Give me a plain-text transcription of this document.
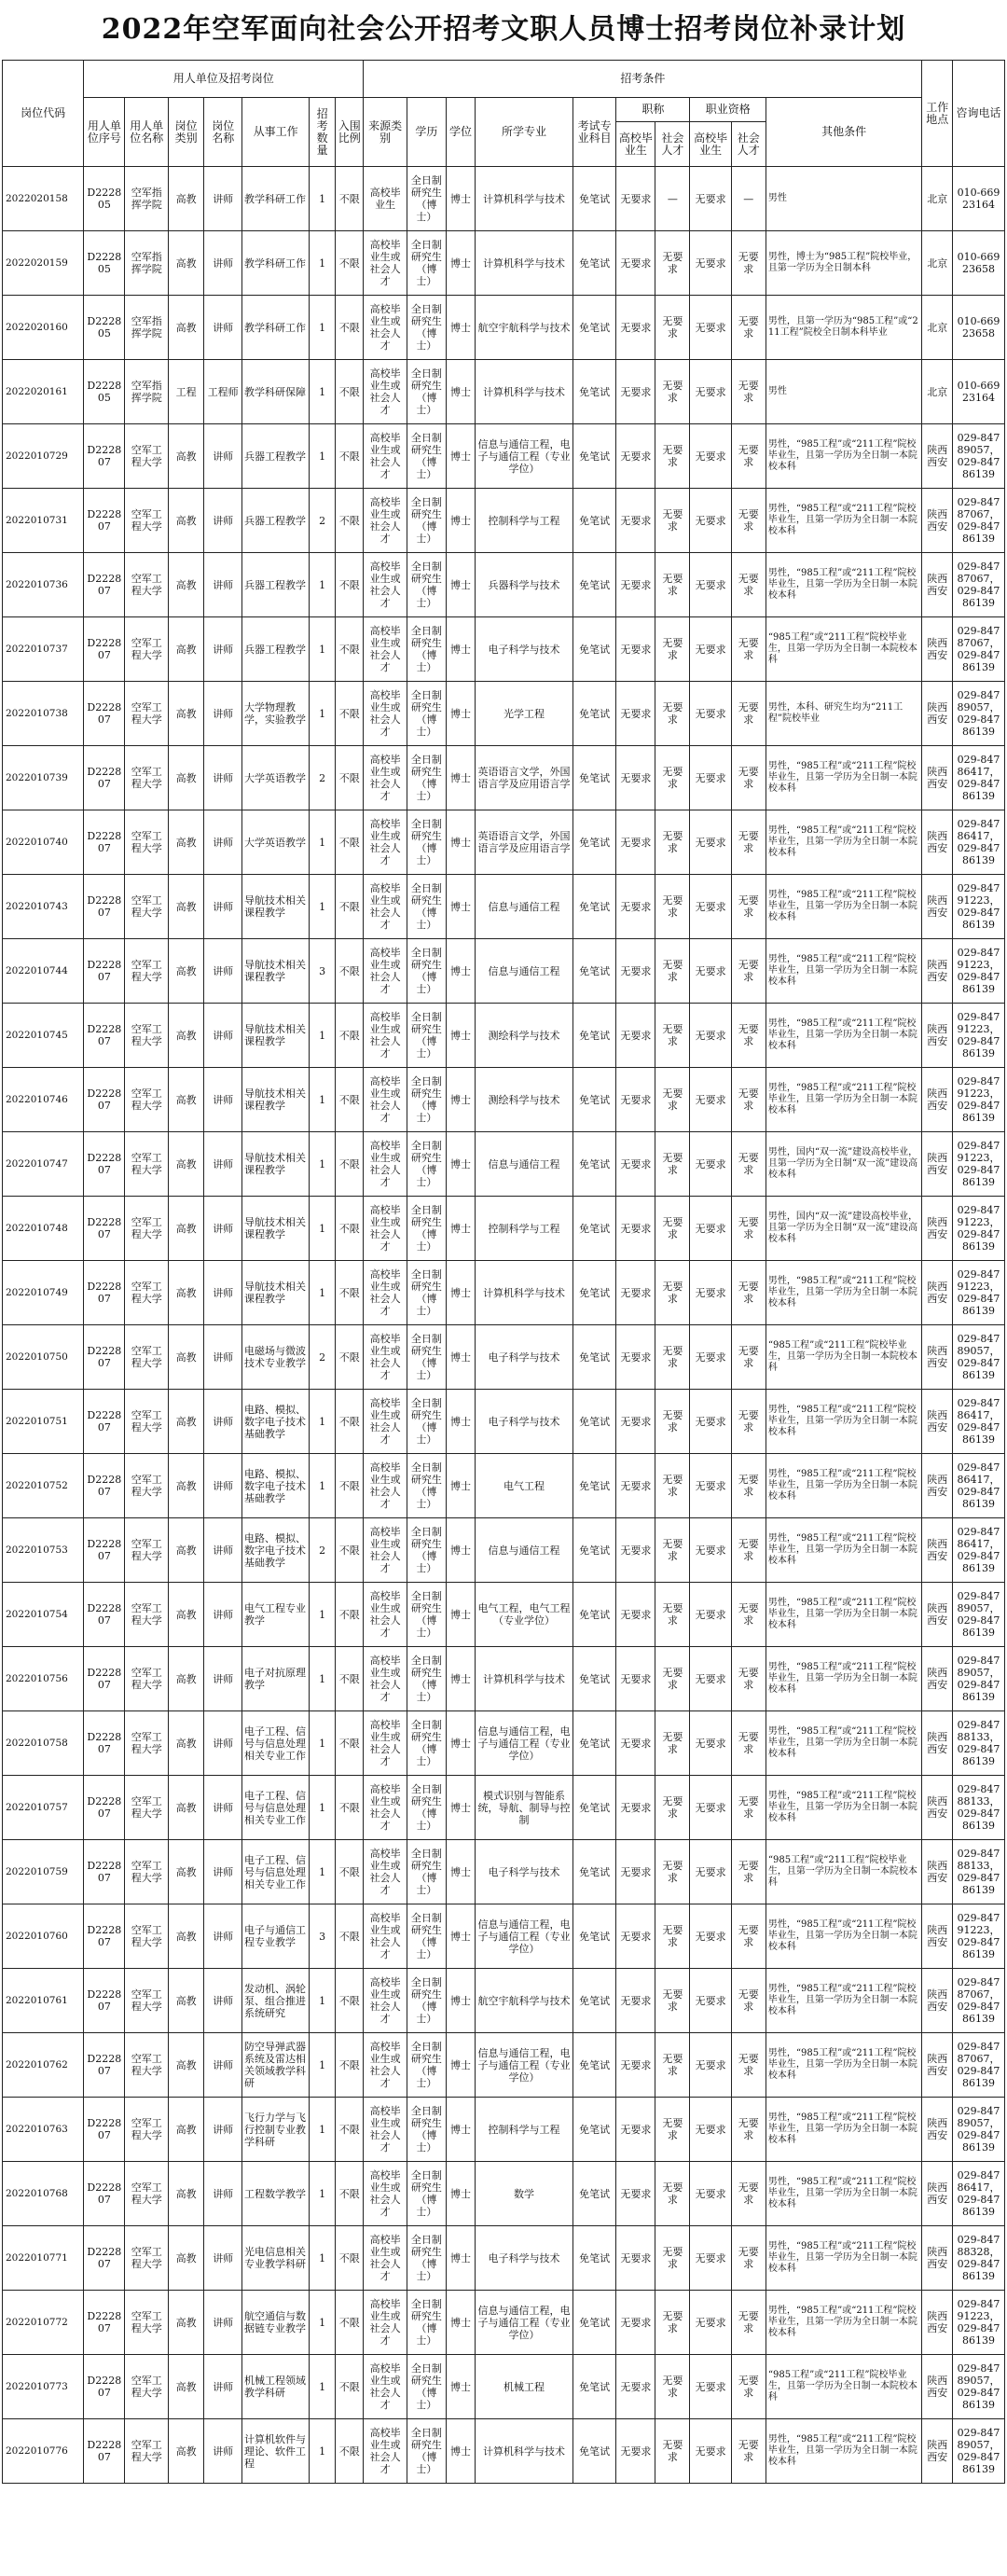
2022年空军面向社会公开招考文职人员博士招考岗位补录计划
岗位代码	用人单位及招考岗位							招考条件										工作地点	咨询电话
	用人单位序号	用人单位名称	岗位类别	岗位名称	从事工作	招考数量	入围比例	来源类别	学历	学位	所学专业	考试专业科目	职称		职业资格		其他条件		
													高校毕业生	社会人才	高校毕业生	社会人才			
2022020158	D222805	空军指挥学院	高教	讲师	教学科研工作	1	不限	高校毕业生	全日制研究生（博士）	博士	计算机科学与技术	免笔试	无要求	—	无要求	—	男性	北京	010-66923164
2022020159	D222805	空军指挥学院	高教	讲师	教学科研工作	1	不限	高校毕业生或社会人才	全日制研究生（博士）	博士	计算机科学与技术	免笔试	无要求	无要求	无要求	无要求	男性，博士为“985工程”院校毕业，且第一学历为全日制本科	北京	010-66923658
2022020160	D222805	空军指挥学院	高教	讲师	教学科研工作	1	不限	高校毕业生或社会人才	全日制研究生（博士）	博士	航空宇航科学与技术	免笔试	无要求	无要求	无要求	无要求	男性，且第一学历为“985工程”或“211工程”院校全日制本科毕业	北京	010-66923658
2022020161	D222805	空军指挥学院	工程	工程师	教学科研保障	1	不限	高校毕业生或社会人才	全日制研究生（博士）	博士	计算机科学与技术	免笔试	无要求	无要求	无要求	无要求	男性	北京	010-66923164
2022010729	D222807	空军工程大学	高教	讲师	兵器工程教学	1	不限	高校毕业生或社会人才	全日制研究生（博士）	博士	信息与通信工程，电子与通信工程（专业学位）	免笔试	无要求	无要求	无要求	无要求	男性，“985工程”或“211工程”院校毕业生，且第一学历为全日制一本院校本科	陕西西安	029-84789057，029-84786139
2022010731	D222807	空军工程大学	高教	讲师	兵器工程教学	2	不限	高校毕业生或社会人才	全日制研究生（博士）	博士	控制科学与工程	免笔试	无要求	无要求	无要求	无要求	男性，“985工程”或“211工程”院校毕业生，且第一学历为全日制一本院校本科	陕西西安	029-84787067，029-84786139
2022010736	D222807	空军工程大学	高教	讲师	兵器工程教学	1	不限	高校毕业生或社会人才	全日制研究生（博士）	博士	兵器科学与技术	免笔试	无要求	无要求	无要求	无要求	男性，“985工程”或“211工程”院校毕业生，且第一学历为全日制一本院校本科	陕西西安	029-84787067，029-84786139
2022010737	D222807	空军工程大学	高教	讲师	兵器工程教学	1	不限	高校毕业生或社会人才	全日制研究生（博士）	博士	电子科学与技术	免笔试	无要求	无要求	无要求	无要求	“985工程”或“211工程”院校毕业生，且第一学历为全日制一本院校本科	陕西西安	029-84787067，029-84786139
2022010738	D222807	空军工程大学	高教	讲师	大学物理教学，实验教学	1	不限	高校毕业生或社会人才	全日制研究生（博士）	博士	光学工程	免笔试	无要求	无要求	无要求	无要求	男性，本科、研究生均为“211工程”院校毕业	陕西西安	029-84789057，029-84786139
2022010739	D222807	空军工程大学	高教	讲师	大学英语教学	2	不限	高校毕业生或社会人才	全日制研究生（博士）	博士	英语语言文学，外国语言学及应用语言学	免笔试	无要求	无要求	无要求	无要求	男性，“985工程”或“211工程”院校毕业生，且第一学历为全日制一本院校本科	陕西西安	029-84786417，029-84786139
2022010740	D222807	空军工程大学	高教	讲师	大学英语教学	1	不限	高校毕业生或社会人才	全日制研究生（博士）	博士	英语语言文学，外国语言学及应用语言学	免笔试	无要求	无要求	无要求	无要求	男性，“985工程”或“211工程”院校毕业生，且第一学历为全日制一本院校本科	陕西西安	029-84786417，029-84786139
2022010743	D222807	空军工程大学	高教	讲师	导航技术相关课程教学	1	不限	高校毕业生或社会人才	全日制研究生（博士）	博士	信息与通信工程	免笔试	无要求	无要求	无要求	无要求	男性，“985工程”或“211工程”院校毕业生，且第一学历为全日制一本院校本科	陕西西安	029-84791223，029-84786139
2022010744	D222807	空军工程大学	高教	讲师	导航技术相关课程教学	3	不限	高校毕业生或社会人才	全日制研究生（博士）	博士	信息与通信工程	免笔试	无要求	无要求	无要求	无要求	男性，“985工程”或“211工程”院校毕业生，且第一学历为全日制一本院校本科	陕西西安	029-84791223，029-84786139
2022010745	D222807	空军工程大学	高教	讲师	导航技术相关课程教学	1	不限	高校毕业生或社会人才	全日制研究生（博士）	博士	测绘科学与技术	免笔试	无要求	无要求	无要求	无要求	男性，“985工程”或“211工程”院校毕业生，且第一学历为全日制一本院校本科	陕西西安	029-84791223，029-84786139
2022010746	D222807	空军工程大学	高教	讲师	导航技术相关课程教学	1	不限	高校毕业生或社会人才	全日制研究生（博士）	博士	测绘科学与技术	免笔试	无要求	无要求	无要求	无要求	男性，“985工程”或“211工程”院校毕业生，且第一学历为全日制一本院校本科	陕西西安	029-84791223，029-84786139
2022010747	D222807	空军工程大学	高教	讲师	导航技术相关课程教学	1	不限	高校毕业生或社会人才	全日制研究生（博士）	博士	信息与通信工程	免笔试	无要求	无要求	无要求	无要求	男性，国内“双一流”建设高校毕业，且第一学历为全日制“双一流”建设高校本科	陕西西安	029-84791223，029-84786139
2022010748	D222807	空军工程大学	高教	讲师	导航技术相关课程教学	1	不限	高校毕业生或社会人才	全日制研究生（博士）	博士	控制科学与工程	免笔试	无要求	无要求	无要求	无要求	男性，国内“双一流”建设高校毕业，且第一学历为全日制“双一流”建设高校本科	陕西西安	029-84791223，029-84786139
2022010749	D222807	空军工程大学	高教	讲师	导航技术相关课程教学	1	不限	高校毕业生或社会人才	全日制研究生（博士）	博士	计算机科学与技术	免笔试	无要求	无要求	无要求	无要求	男性，“985工程”或“211工程”院校毕业生，且第一学历为全日制一本院校本科	陕西西安	029-84791223，029-84786139
2022010750	D222807	空军工程大学	高教	讲师	电磁场与微波技术专业教学	2	不限	高校毕业生或社会人才	全日制研究生（博士）	博士	电子科学与技术	免笔试	无要求	无要求	无要求	无要求	“985工程”或“211工程”院校毕业生，且第一学历为全日制一本院校本科	陕西西安	029-84789057，029-84786139
2022010751	D222807	空军工程大学	高教	讲师	电路、模拟、数字电子技术基础教学	1	不限	高校毕业生或社会人才	全日制研究生（博士）	博士	电子科学与技术	免笔试	无要求	无要求	无要求	无要求	男性，“985工程”或“211工程”院校毕业生，且第一学历为全日制一本院校本科	陕西西安	029-84786417，029-84786139
2022010752	D222807	空军工程大学	高教	讲师	电路、模拟、数字电子技术基础教学	1	不限	高校毕业生或社会人才	全日制研究生（博士）	博士	电气工程	免笔试	无要求	无要求	无要求	无要求	男性，“985工程”或“211工程”院校毕业生，且第一学历为全日制一本院校本科	陕西西安	029-84786417，029-84786139
2022010753	D222807	空军工程大学	高教	讲师	电路、模拟、数字电子技术基础教学	2	不限	高校毕业生或社会人才	全日制研究生（博士）	博士	信息与通信工程	免笔试	无要求	无要求	无要求	无要求	男性，“985工程”或“211工程”院校毕业生，且第一学历为全日制一本院校本科	陕西西安	029-84786417，029-84786139
2022010754	D222807	空军工程大学	高教	讲师	电气工程专业教学	1	不限	高校毕业生或社会人才	全日制研究生（博士）	博士	电气工程，电气工程（专业学位）	免笔试	无要求	无要求	无要求	无要求	男性，“985工程”或“211工程”院校毕业生，且第一学历为全日制一本院校本科	陕西西安	029-84789057，029-84786139
2022010756	D222807	空军工程大学	高教	讲师	电子对抗原理教学	1	不限	高校毕业生或社会人才	全日制研究生（博士）	博士	计算机科学与技术	免笔试	无要求	无要求	无要求	无要求	男性，“985工程”或“211工程”院校毕业生，且第一学历为全日制一本院校本科	陕西西安	029-84789057，029-84786139
2022010758	D222807	空军工程大学	高教	讲师	电子工程、信号与信息处理相关专业工作	1	不限	高校毕业生或社会人才	全日制研究生（博士）	博士	信息与通信工程，电子与通信工程（专业学位）	免笔试	无要求	无要求	无要求	无要求	男性，“985工程”或“211工程”院校毕业生，且第一学历为全日制一本院校本科	陕西西安	029-84788133，029-84786139
2022010757	D222807	空军工程大学	高教	讲师	电子工程、信号与信息处理相关专业工作	1	不限	高校毕业生或社会人才	全日制研究生（博士）	博士	模式识别与智能系统，导航、制导与控制	免笔试	无要求	无要求	无要求	无要求	男性，“985工程”或“211工程”院校毕业生，且第一学历为全日制一本院校本科	陕西西安	029-84788133，029-84786139
2022010759	D222807	空军工程大学	高教	讲师	电子工程、信号与信息处理相关专业工作	1	不限	高校毕业生或社会人才	全日制研究生（博士）	博士	电子科学与技术	免笔试	无要求	无要求	无要求	无要求	“985工程”或“211工程”院校毕业生，且第一学历为全日制一本院校本科	陕西西安	029-84788133，029-84786139
2022010760	D222807	空军工程大学	高教	讲师	电子与通信工程专业教学	3	不限	高校毕业生或社会人才	全日制研究生（博士）	博士	信息与通信工程，电子与通信工程（专业学位）	免笔试	无要求	无要求	无要求	无要求	男性，“985工程”或“211工程”院校毕业生，且第一学历为全日制一本院校本科	陕西西安	029-84791223，029-84786139
2022010761	D222807	空军工程大学	高教	讲师	发动机、涡轮泵、组合推进系统研究	1	不限	高校毕业生或社会人才	全日制研究生（博士）	博士	航空宇航科学与技术	免笔试	无要求	无要求	无要求	无要求	男性，“985工程”或“211工程”院校毕业生，且第一学历为全日制一本院校本科	陕西西安	029-84787067，029-84786139
2022010762	D222807	空军工程大学	高教	讲师	防空导弹武器系统及雷达相关领域教学科研	1	不限	高校毕业生或社会人才	全日制研究生（博士）	博士	信息与通信工程，电子与通信工程（专业学位）	免笔试	无要求	无要求	无要求	无要求	男性，“985工程”或“211工程”院校毕业生，且第一学历为全日制一本院校本科	陕西西安	029-84787067，029-84786139
2022010763	D222807	空军工程大学	高教	讲师	飞行力学与飞行控制专业教学科研	1	不限	高校毕业生或社会人才	全日制研究生（博士）	博士	控制科学与工程	免笔试	无要求	无要求	无要求	无要求	男性，“985工程”或“211工程”院校毕业生，且第一学历为全日制一本院校本科	陕西西安	029-84789057，029-84786139
2022010768	D222807	空军工程大学	高教	讲师	工程数学教学	1	不限	高校毕业生或社会人才	全日制研究生（博士）	博士	数学	免笔试	无要求	无要求	无要求	无要求	男性，“985工程”或“211工程”院校毕业生，且第一学历为全日制一本院校本科	陕西西安	029-84786417，029-84786139
2022010771	D222807	空军工程大学	高教	讲师	光电信息相关专业教学科研	1	不限	高校毕业生或社会人才	全日制研究生（博士）	博士	电子科学与技术	免笔试	无要求	无要求	无要求	无要求	男性，“985工程”或“211工程”院校毕业生，且第一学历为全日制一本院校本科	陕西西安	029-84788328，029-84786139
2022010772	D222807	空军工程大学	高教	讲师	航空通信与数据链专业教学	1	不限	高校毕业生或社会人才	全日制研究生（博士）	博士	信息与通信工程，电子与通信工程（专业学位）	免笔试	无要求	无要求	无要求	无要求	男性，“985工程”或“211工程”院校毕业生，且第一学历为全日制一本院校本科	陕西西安	029-84791223，029-84786139
2022010773	D222807	空军工程大学	高教	讲师	机械工程领域教学科研	1	不限	高校毕业生或社会人才	全日制研究生（博士）	博士	机械工程	免笔试	无要求	无要求	无要求	无要求	“985工程”或“211工程”院校毕业生，且第一学历为全日制一本院校本科	陕西西安	029-84789057，029-84786139
2022010776	D222807	空军工程大学	高教	讲师	计算机软件与理论、软件工程	1	不限	高校毕业生或社会人才	全日制研究生（博士）	博士	计算机科学与技术	免笔试	无要求	无要求	无要求	无要求	男性，“985工程”或“211工程”院校毕业生，且第一学历为全日制一本院校本科	陕西西安	029-84789057，029-84786139
